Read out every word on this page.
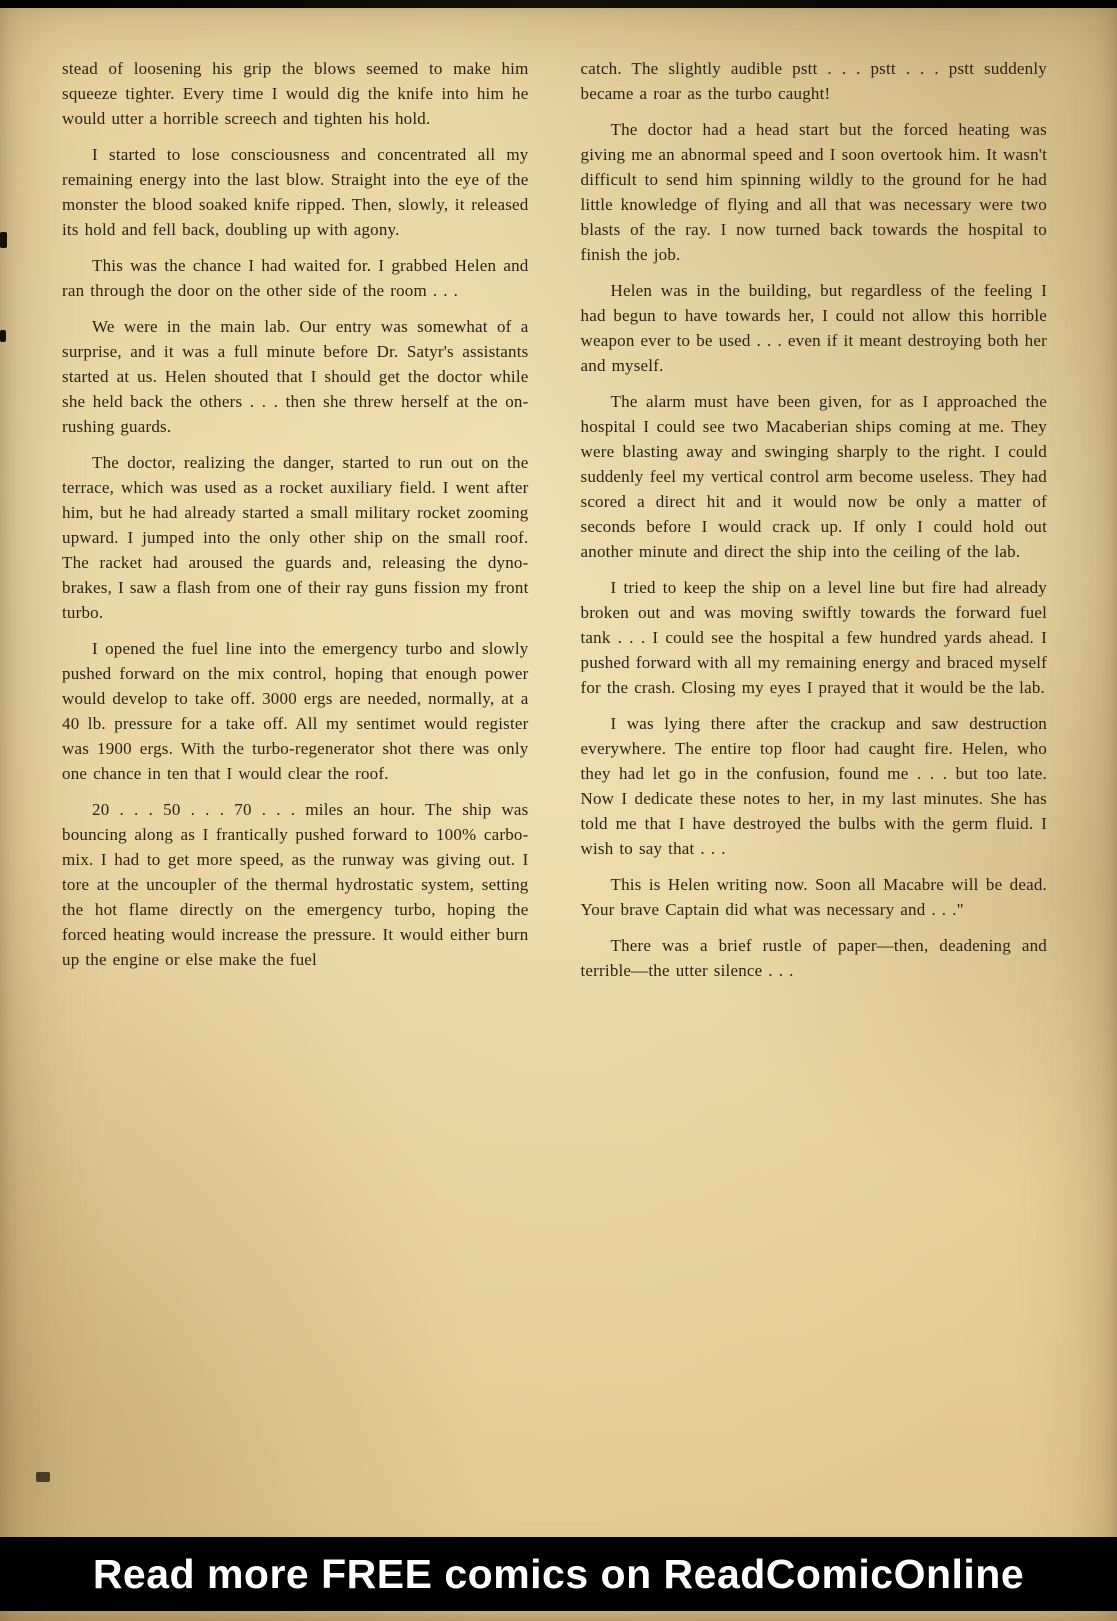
stead of loosening his grip the blows seemed to make him squeeze tighter. Every time I would dig the knife into him he would utter a horrible screech and tighten his hold.

I started to lose consciousness and concentrated all my remaining energy into the last blow. Straight into the eye of the monster the blood soaked knife ripped. Then, slowly, it released its hold and fell back, doubling up with agony.

This was the chance I had waited for. I grabbed Helen and ran through the door on the other side of the room . . .

We were in the main lab. Our entry was somewhat of a surprise, and it was a full minute before Dr. Satyr's assistants started at us. Helen shouted that I should get the doctor while she held back the others . . . then she threw herself at the on-rushing guards.

The doctor, realizing the danger, started to run out on the terrace, which was used as a rocket auxiliary field. I went after him, but he had already started a small military rocket zooming upward. I jumped into the only other ship on the small roof. The racket had aroused the guards and, releasing the dyno-brakes, I saw a flash from one of their ray guns fission my front turbo.

I opened the fuel line into the emergency turbo and slowly pushed forward on the mix control, hoping that enough power would develop to take off. 3000 ergs are needed, normally, at a 40 lb. pressure for a take off. All my sentimet would register was 1900 ergs. With the turbo-regenerator shot there was only one chance in ten that I would clear the roof.

20 . . . 50 . . . 70 . . . miles an hour. The ship was bouncing along as I frantically pushed forward to 100% carbo-mix. I had to get more speed, as the runway was giving out. I tore at the uncoupler of the thermal hydrostatic system, setting the hot flame directly on the emergency turbo, hoping the forced heating would increase the pressure. It would either burn up the engine or else make the fuel

catch. The slightly audible pstt . . . pstt . . . pstt suddenly became a roar as the turbo caught!

The doctor had a head start but the forced heating was giving me an abnormal speed and I soon overtook him. It wasn't difficult to send him spinning wildly to the ground for he had little knowledge of flying and all that was necessary were two blasts of the ray. I now turned back towards the hospital to finish the job.

Helen was in the building, but regardless of the feeling I had begun to have towards her, I could not allow this horrible weapon ever to be used . . . even if it meant destroying both her and myself.

The alarm must have been given, for as I approached the hospital I could see two Macaberian ships coming at me. They were blasting away and swinging sharply to the right. I could suddenly feel my vertical control arm become useless. They had scored a direct hit and it would now be only a matter of seconds before I would crack up. If only I could hold out another minute and direct the ship into the ceiling of the lab.

I tried to keep the ship on a level line but fire had already broken out and was moving swiftly towards the forward fuel tank . . . I could see the hospital a few hundred yards ahead. I pushed forward with all my remaining energy and braced myself for the crash. Closing my eyes I prayed that it would be the lab.

I was lying there after the crackup and saw destruction everywhere. The entire top floor had caught fire. Helen, who they had let go in the confusion, found me . . . but too late. Now I dedicate these notes to her, in my last minutes. She has told me that I have destroyed the bulbs with the germ fluid. I wish to say that . . .

This is Helen writing now. Soon all Macabre will be dead. Your brave Captain did what was necessary and . . ."

There was a brief rustle of paper—then, deadening and terrible—the utter silence . . .

Read more FREE comics on ReadComicOnline
